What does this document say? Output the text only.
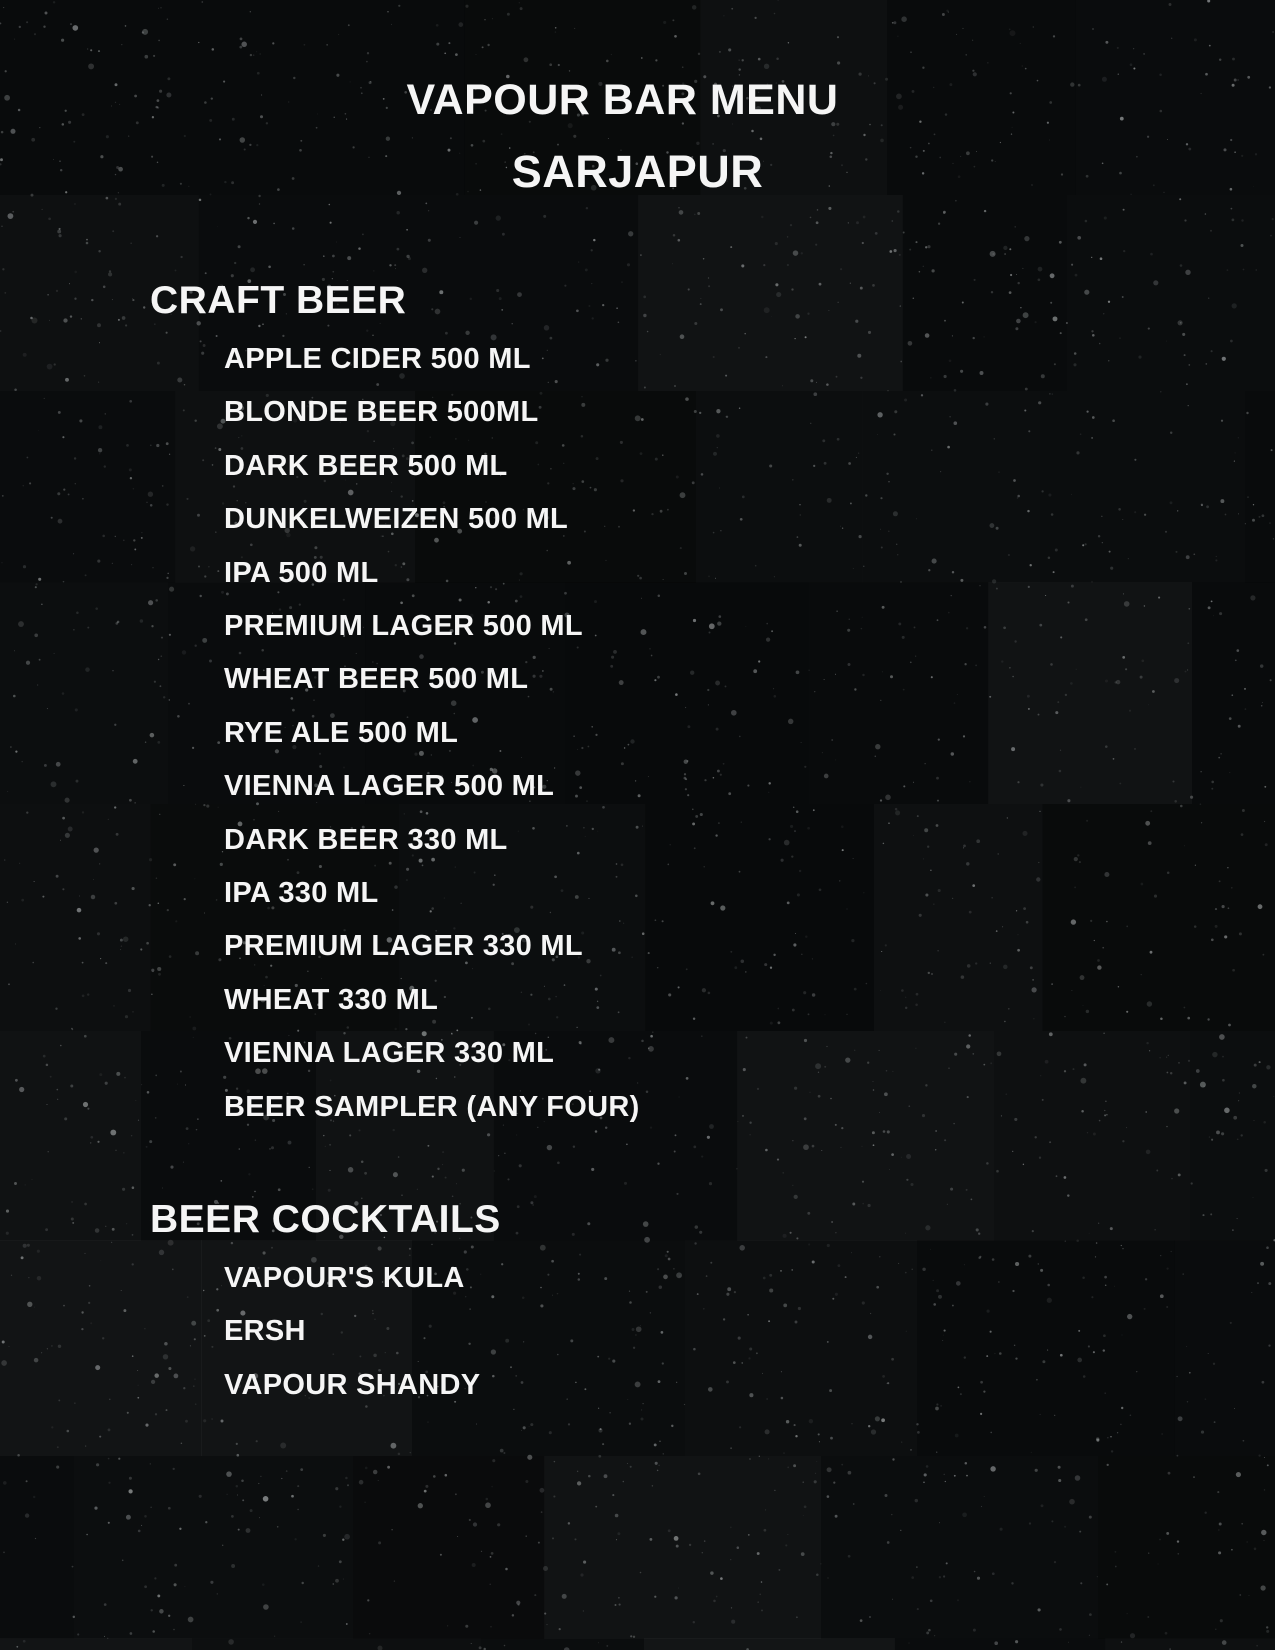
VAPOUR BAR MENU
SARJAPUR
CRAFT BEER
APPLE CIDER 500 ML
BLONDE BEER 500ML
DARK BEER 500 ML
DUNKELWEIZEN 500 ML
IPA 500 ML
PREMIUM LAGER 500 ML
WHEAT BEER 500 ML
RYE ALE 500 ML
VIENNA LAGER 500 ML
DARK BEER 330 ML
IPA 330 ML
PREMIUM LAGER 330 ML
WHEAT 330 ML
VIENNA LAGER 330 ML
BEER SAMPLER (ANY FOUR)
BEER COCKTAILS
VAPOUR'S KULA
ERSH
VAPOUR SHANDY
